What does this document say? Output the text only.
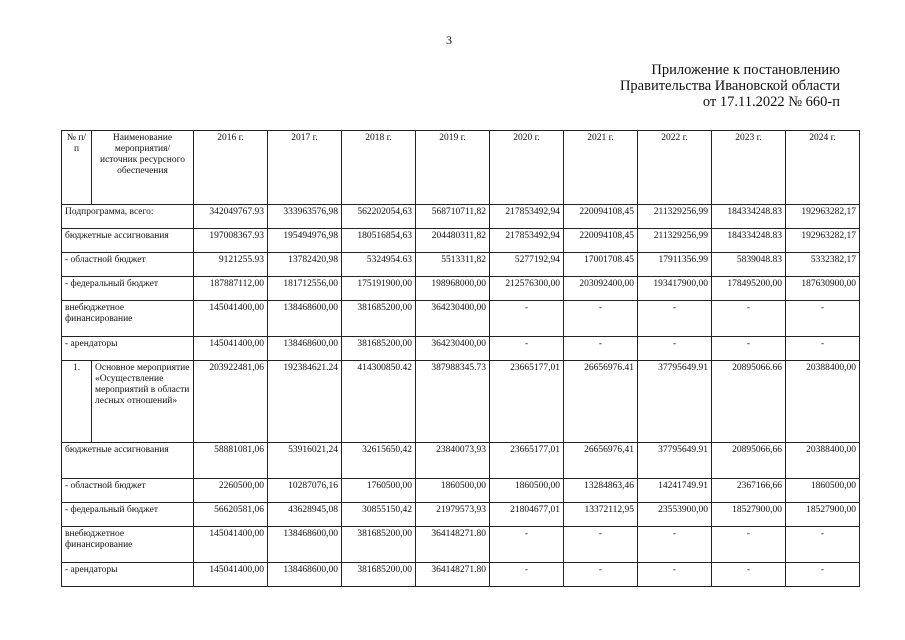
3
Приложение к постановлению
Правительства Ивановской области
от 17.11.2022 № 660-п
№ п/п	Наименование мероприятия/ источник ресурсного обеспечения	2016 г.	2017 г.	2018 г.	2019 г.	2020 г.	2021 г.	2022 г.	2023 г.	2024 г.
Подпрограмма, всего:		342049767.93	333963576,98	562202054,63	568710711,82	217853492,94	220094108,45	211329256,99	184334248.83	192963282,17
бюджетные ассигнования		197008367.93	195494976,98	180516854,63	204480311,82	217853492,94	220094108,45	211329256,99	184334248.83	192963282,17
- областной бюджет		9121255.93	13782420,98	5324954.63	5513311,82	5277192,94	17001708.45	17911356.99	5839048.83	5332382,17
- федеральный бюджет		187887112,00	181712556,00	175191900,00	198968000,00	212576300,00	203092400,00	193417900,00	178495200,00	187630900,00
внебюджетное финансирование		145041400,00	138468600,00	381685200,00	364230400,00	-	-	-	-	-
- арендаторы		145041400,00	138468600,00	381685200,00	364230400,00	-	-	-	-	-
1.	Основное мероприятие «Осуществление мероприятий в области лесных отношений»	203922481,06	192384621.24	414300850.42	387988345.73	23665177,01	26656976.41	37795649.91	20895066.66	20388400,00
бюджетные ассигнования		58881081,06	53916021,24	32615650,42	23840073,93	23665177,01	26656976,41	37795649.91	20895066,66	20388400,00
- областной бюджет		2260500,00	10287076,16	1760500,00	1860500,00	1860500,00	13284863,46	14241749.91	2367166,66	1860500,00
- федеральный бюджет		56620581,06	43628945,08	30855150,42	21979573,93	21804677,01	13372112,95	23553900,00	18527900,00	18527900,00
внебюджетное финансирование		145041400,00	138468600,00	381685200,00	364148271.80	-	-	-	-	-
- арендаторы		145041400,00	138468600,00	381685200,00	364148271.80	-	-	-	-	-
